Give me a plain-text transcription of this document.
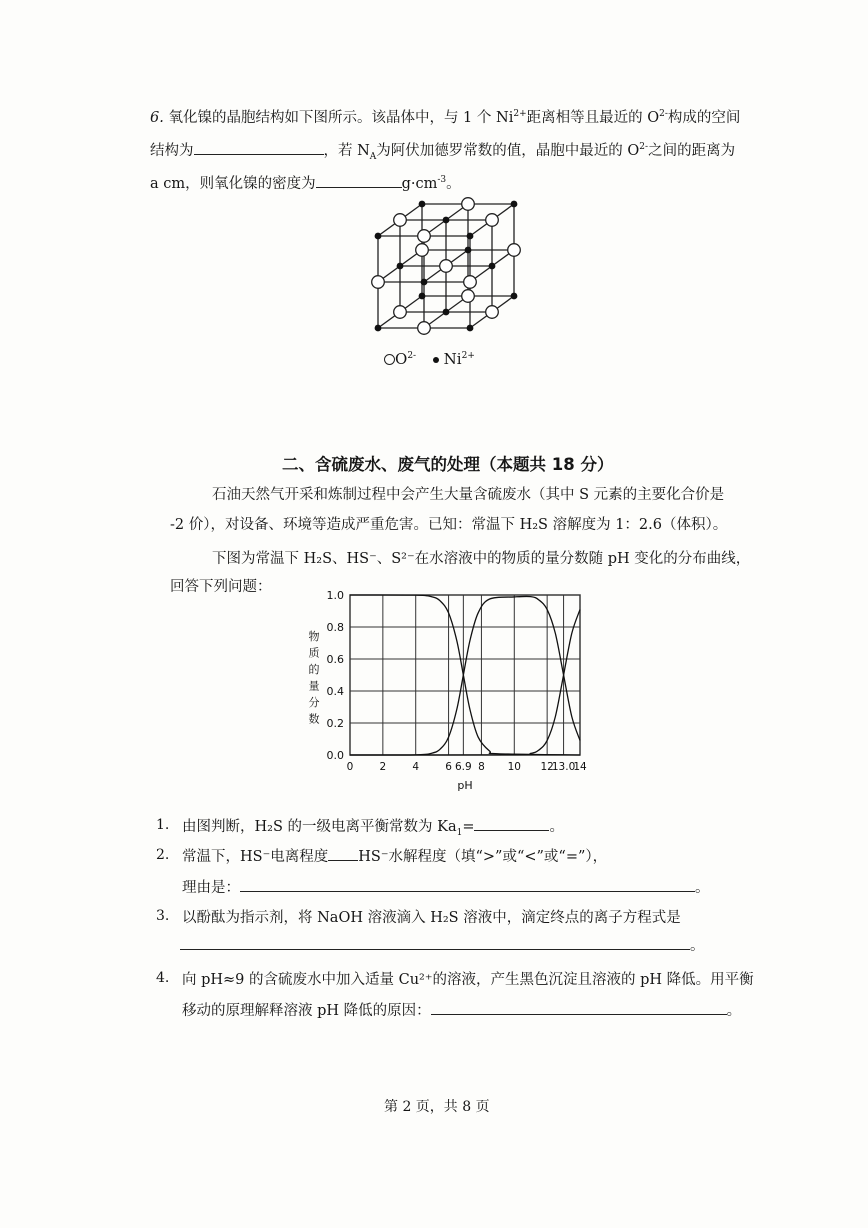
6. 氧化镍的晶胞结构如下图所示。该晶体中，与 1 个 $Ni^{2+}$距离相等且最近的 $O^{2-}$构成的空间
结构为	，若 $N_A$为阿伏加德罗常数的值，晶胞中最近的 $O^{2-}$之间的距离为
a cm，则氧化镍的密度为	$g\cdot cm^{-3}$。
$O^{2-}$ $Ni^{2+}$
二、含硫废水、废气的处理（本题共 18 分）
石油天然气开采和炼制过程中会产生大量含硫废水（其中 S 元素的主要化合价是
-2 价），对设备、环境等造成严重危害。已知：常温下 H₂S 溶解度为 1：2.6（体积）。
下图为常温下 H₂S、HS⁻、S²⁻在水溶液中的物质的量分数随 pH 变化的分布曲线，
回答下列问题：
0.0
0.2
0.4
0.6
0.8
1.0
0 2 4 6 6.9 8 10 12
13.0
14
pH
物
质
的
量
分
数
1. 由图判断，H₂S 的一级电离平衡常数为 $Ka_1=$	。
2. 常温下，HS⁻电离程度 HS⁻水解程度（填“>”或“<”或“=”），
理由是：	。
3. 以酚酞为指示剂，将 NaOH 溶液滴入 H₂S 溶液中，滴定终点的离子方程式是
。
4. 向 pH≈9 的含硫废水中加入适量 Cu²⁺的溶液，产生黑色沉淀且溶液的 pH 降低。用平衡
移动的原理解释溶液 pH 降低的原因：	。
第 2 页，共 8 页
